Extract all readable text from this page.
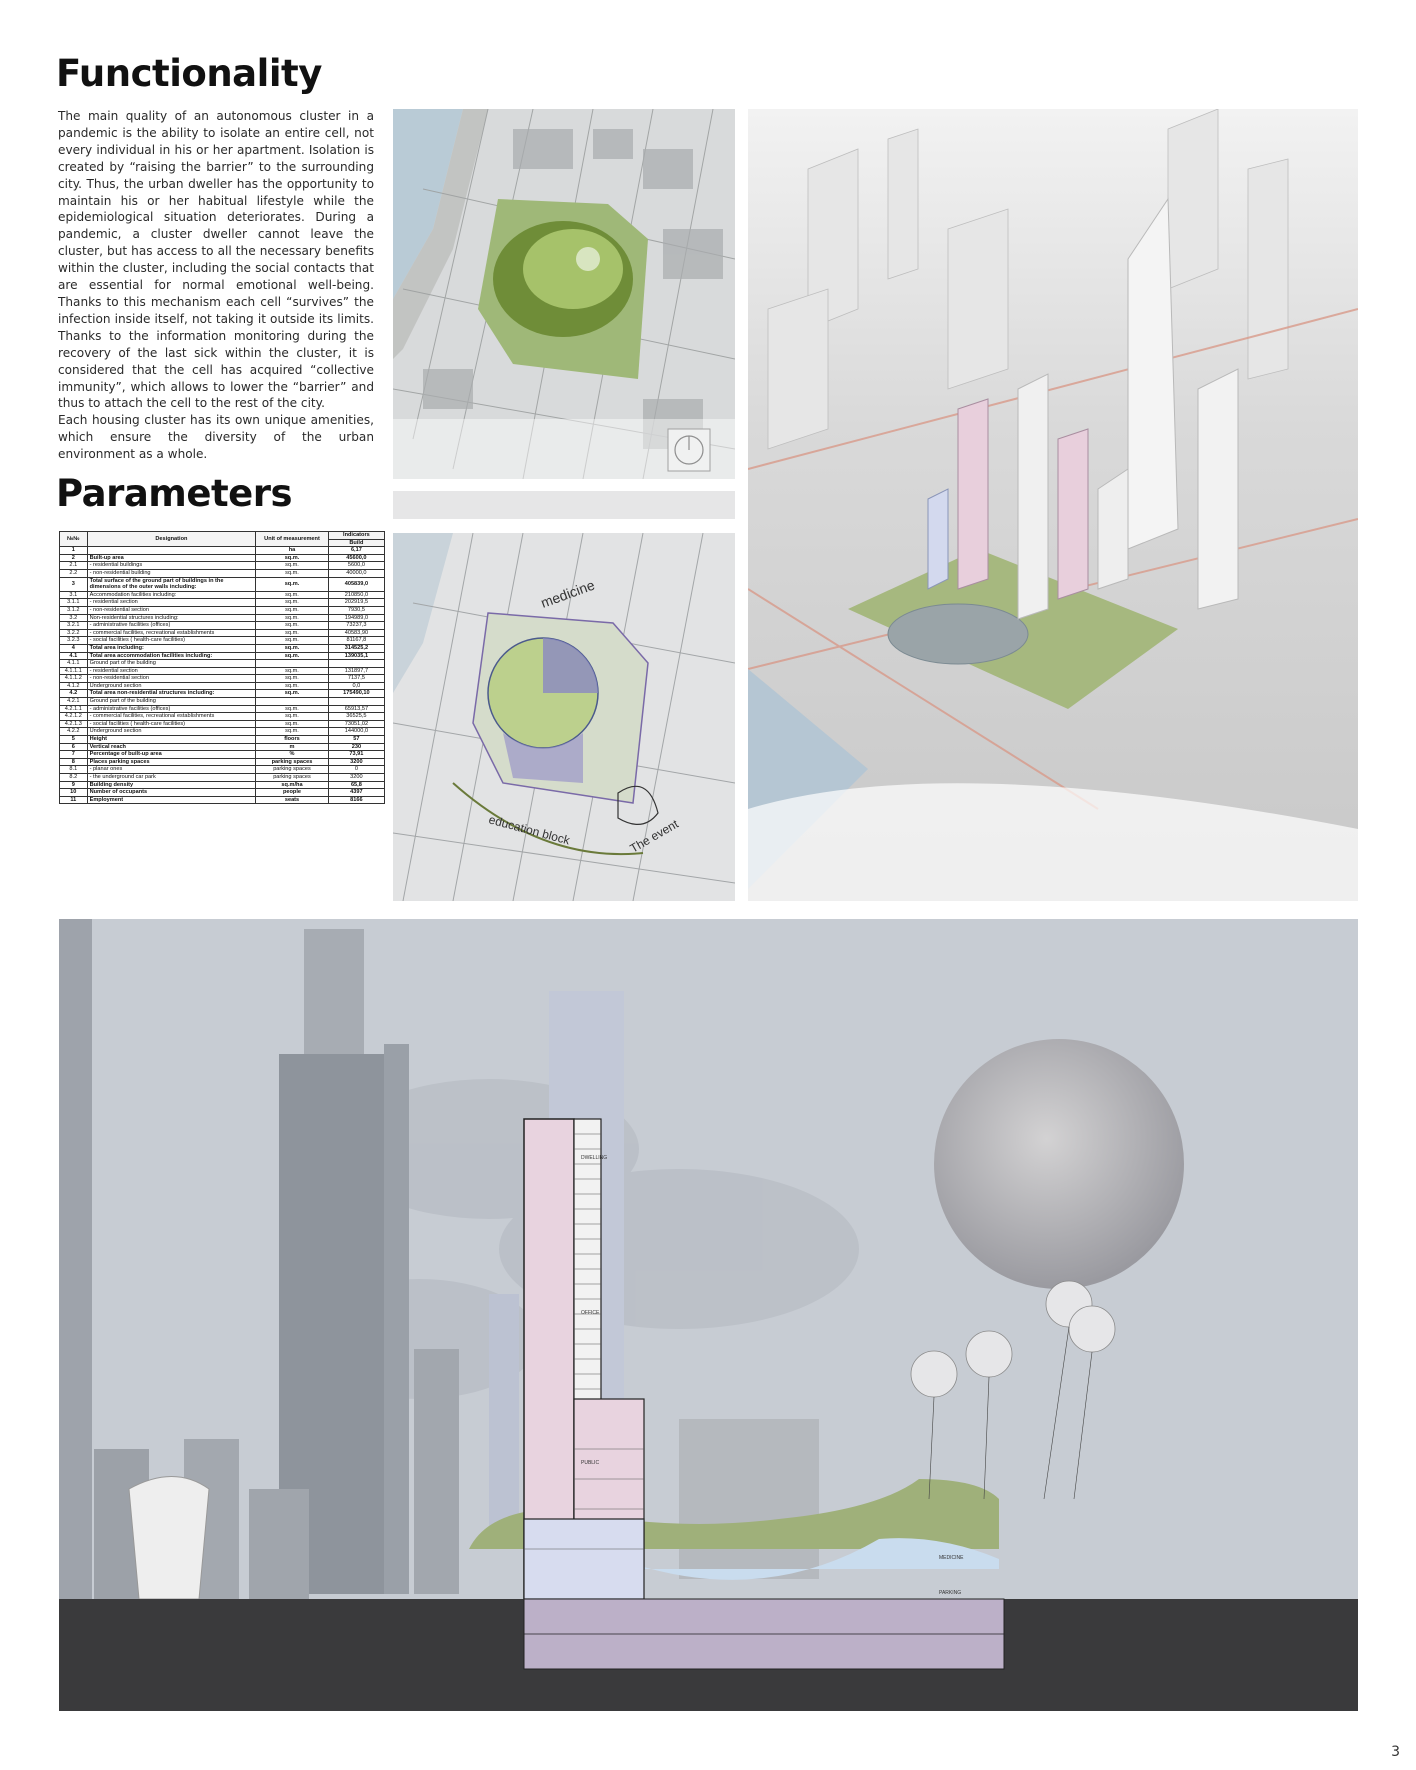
Functionality

The main quality of an autonomous cluster in a pandemic is the ability to isolate an entire cell, not every individual in his or her apartment. Isolation is created by “raising the barrier” to the surrounding city. Thus, the urban dweller has the opportunity to maintain his or her habitual lifestyle while the epidemiological situation deteriorates. During a pandemic, a cluster dweller cannot leave the cluster, but has access to all the necessary benefits within the cluster, including the social contacts that are essential for normal emotional well-being. Thanks to this mechanism each cell “survives” the infection inside itself, not taking it outside its limits. Thanks to the information monitoring during the recovery of the last sick within the cluster, it is considered that the cell has acquired “collective immunity”, which allows to lower the “barrier” and thus to attach the cell to the rest of the city.

Each housing cluster has its own unique amenities, which ensure the diversity of the urban environment as a whole.

Parameters
№№	Designation	Unit of measurement	Indicators
			Build
1		ha	6,17
2	Built-up area	sq.m.	45600,0
2.1	- residential buildings	sq.m.	5600,0
2.2	- non-residential building	sq.m.	40000,0
3	Total surface of the ground part of buildings in the dimensions of the outer walls including:	sq.m.	405839,0
3.1	Accommodation facilities including:	sq.m.	210850,0
3.1.1	- residential section	sq.m.	202919,5
3.1.2	- non-residential section	sq.m.	7930,5
3.2	Non-residential structures including:	sq.m.	194989,0
3.2.1	- administrative facilities (offices)	sq.m.	73237,3
3.2.2	- commercial facilities, recreational establishments	sq.m.	40583,90
3.2.3	- social facilities ( health-care facilities)	sq.m.	81167,8
4	Total area including:	sq.m.	314525,2
4.1	Total area accommodation facilities including:	sq.m.	139035,1
4.1.1	Ground part of the building		
4.1.1.1	- residential section	sq.m.	131897,7
4.1.1.2	- non-residential section	sq.m.	7137,5
4.1.2	Underground section	sq.m.	0,0
4.2	Total area non-residential structures including:	sq.m.	175490,10
4.2.1	Ground part of the building		
4.2.1.1	- administrative facilities (offices)	sq.m.	65913,57
4.2.1.2	- commercial facilities, recreational establishments	sq.m.	36525,5
4.2.1.3	- social facilities ( health-care facilities)	sq.m.	73051,02
4.2.2	Underground section	sq.m.	144000,0
5	Height	floors	57
6	Vertical reach	m	230
7	Percentage of built-up area	%	73,91
8	Places parking spaces	parking spaces	3200
8.1	- planar ones	parking spaces	0
8.2	- the underground car park	parking spaces	3200
9	Building density	sq.m/ha	65,8
10	Number of occupants	people	4397
11	Employment	seats	8166
medicine
education block	The event
DWELLING
OFFICE
PUBLIC
MEDICINE
PARKING
3
